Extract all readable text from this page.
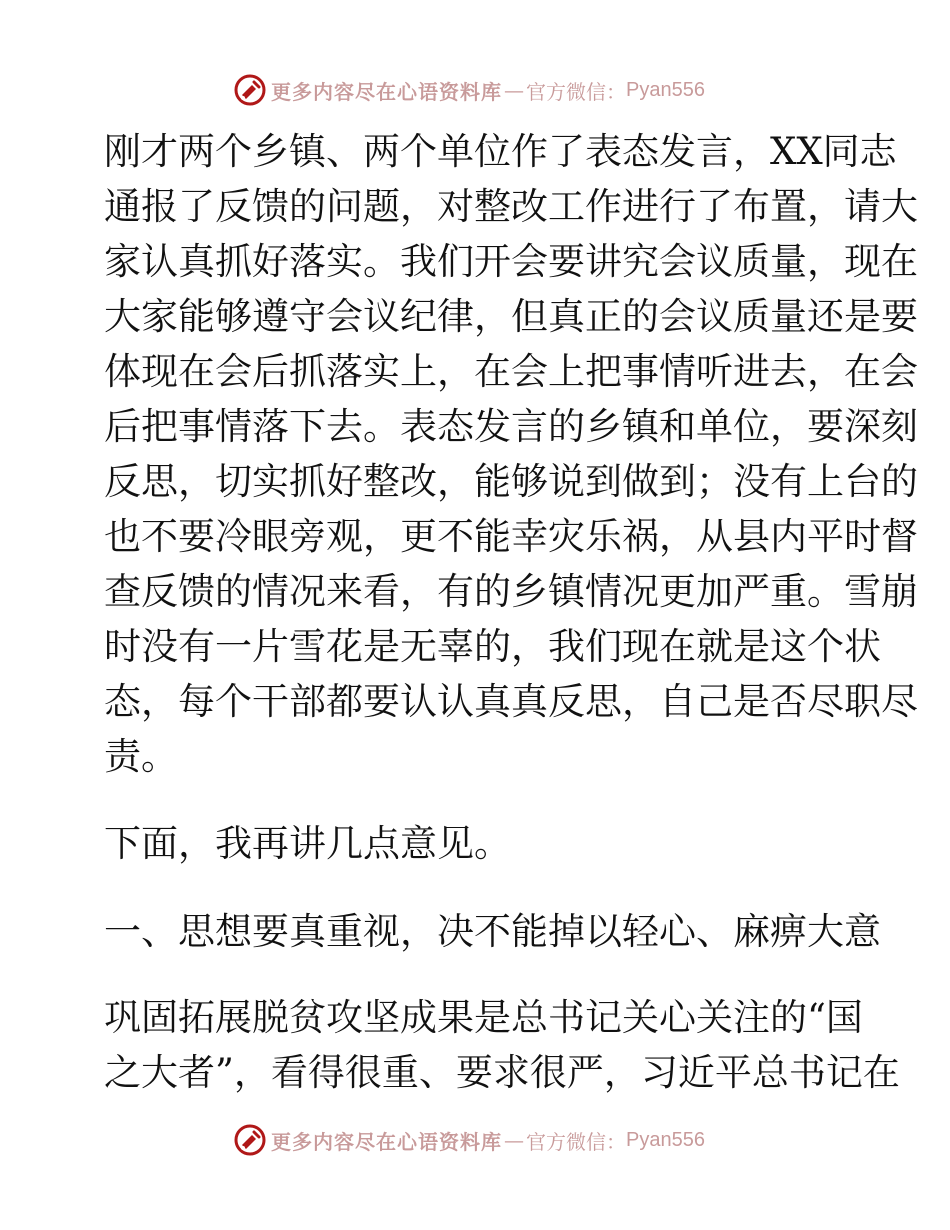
更多内容尽在心语资料库 — 官方微信： Pyan556
刚才两个乡镇、两个单位作了表态发言，XX同志
通报了反馈的问题，对整改工作进行了布置，请大
家认真抓好落实。我们开会要讲究会议质量，现在
大家能够遵守会议纪律，但真正的会议质量还是要
体现在会后抓落实上，在会上把事情听进去，在会
后把事情落下去。表态发言的乡镇和单位，要深刻
反思，切实抓好整改，能够说到做到；没有上台的
也不要冷眼旁观，更不能幸灾乐祸，从县内平时督
查反馈的情况来看，有的乡镇情况更加严重。雪崩
时没有一片雪花是无辜的，我们现在就是这个状
态，每个干部都要认认真真反思，自己是否尽职尽
责。
下面，我再讲几点意见。
一、思想要真重视，决不能掉以轻心、麻痹大意
巩固拓展脱贫攻坚成果是总书记关心关注的“国
之大者”，看得很重、要求很严，习近平总书记在
更多内容尽在心语资料库 — 官方微信： Pyan556
